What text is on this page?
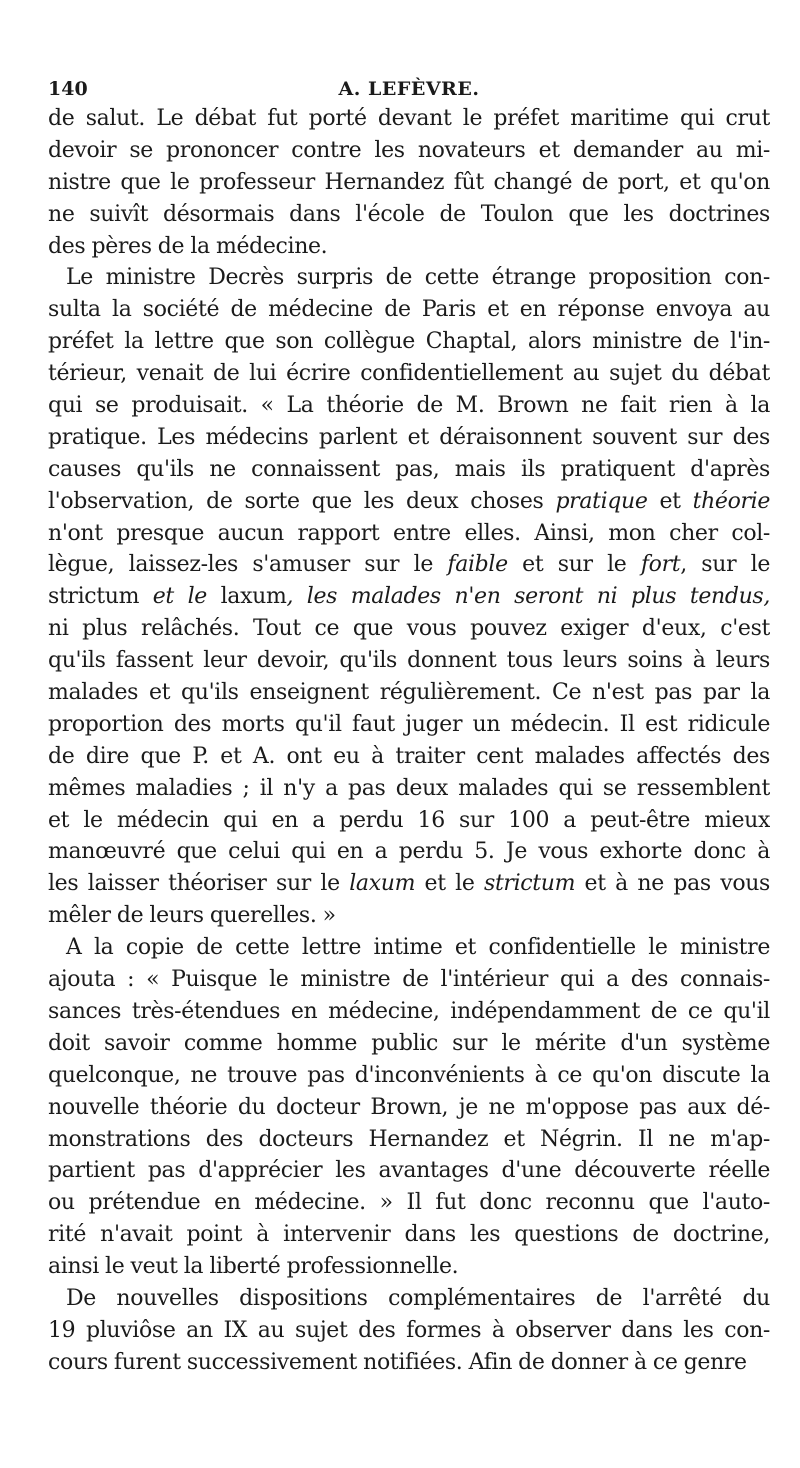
140	A. LEFÈVRE.
de salut. Le débat fut porté devant le préfet maritime qui crut
devoir se prononcer contre les novateurs et demander au mi-
nistre que le professeur Hernandez fût changé de port, et qu'on
ne suivît désormais dans l'école de Toulon que les doctrines
des pères de la médecine.
Le ministre Decrès surpris de cette étrange proposition con-
sulta la société de médecine de Paris et en réponse envoya au
préfet la lettre que son collègue Chaptal, alors ministre de l'in-
térieur, venait de lui écrire confidentiellement au sujet du débat
qui se produisait. « La théorie de M. Brown ne fait rien à la
pratique. Les médecins parlent et déraisonnent souvent sur des
causes qu'ils ne connaissent pas, mais ils pratiquent d'après
l'observation, de sorte que les deux choses pratique et théorie
n'ont presque aucun rapport entre elles. Ainsi, mon cher col-
lègue, laissez-les s'amuser sur le faible et sur le fort, sur le
strictum et le laxum, les malades n'en seront ni plus tendus,
ni plus relâchés. Tout ce que vous pouvez exiger d'eux, c'est
qu'ils fassent leur devoir, qu'ils donnent tous leurs soins à leurs
malades et qu'ils enseignent régulièrement. Ce n'est pas par la
proportion des morts qu'il faut juger un médecin. Il est ridicule
de dire que P. et A. ont eu à traiter cent malades affectés des
mêmes maladies ; il n'y a pas deux malades qui se ressemblent
et le médecin qui en a perdu 16 sur 100 a peut-être mieux
manœuvré que celui qui en a perdu 5. Je vous exhorte donc à
les laisser théoriser sur le laxum et le strictum et à ne pas vous
mêler de leurs querelles. »
A la copie de cette lettre intime et confidentielle le ministre
ajouta : « Puisque le ministre de l'intérieur qui a des connais-
sances très-étendues en médecine, indépendamment de ce qu'il
doit savoir comme homme public sur le mérite d'un système
quelconque, ne trouve pas d'inconvénients à ce qu'on discute la
nouvelle théorie du docteur Brown, je ne m'oppose pas aux dé-
monstrations des docteurs Hernandez et Négrin. Il ne m'ap-
partient pas d'apprécier les avantages d'une découverte réelle
ou prétendue en médecine. » Il fut donc reconnu que l'auto-
rité n'avait point à intervenir dans les questions de doctrine,
ainsi le veut la liberté professionnelle.
De nouvelles dispositions complémentaires de l'arrêté du
19 pluviôse an IX au sujet des formes à observer dans les con-
cours furent successivement notifiées. Afin de donner à ce genre
